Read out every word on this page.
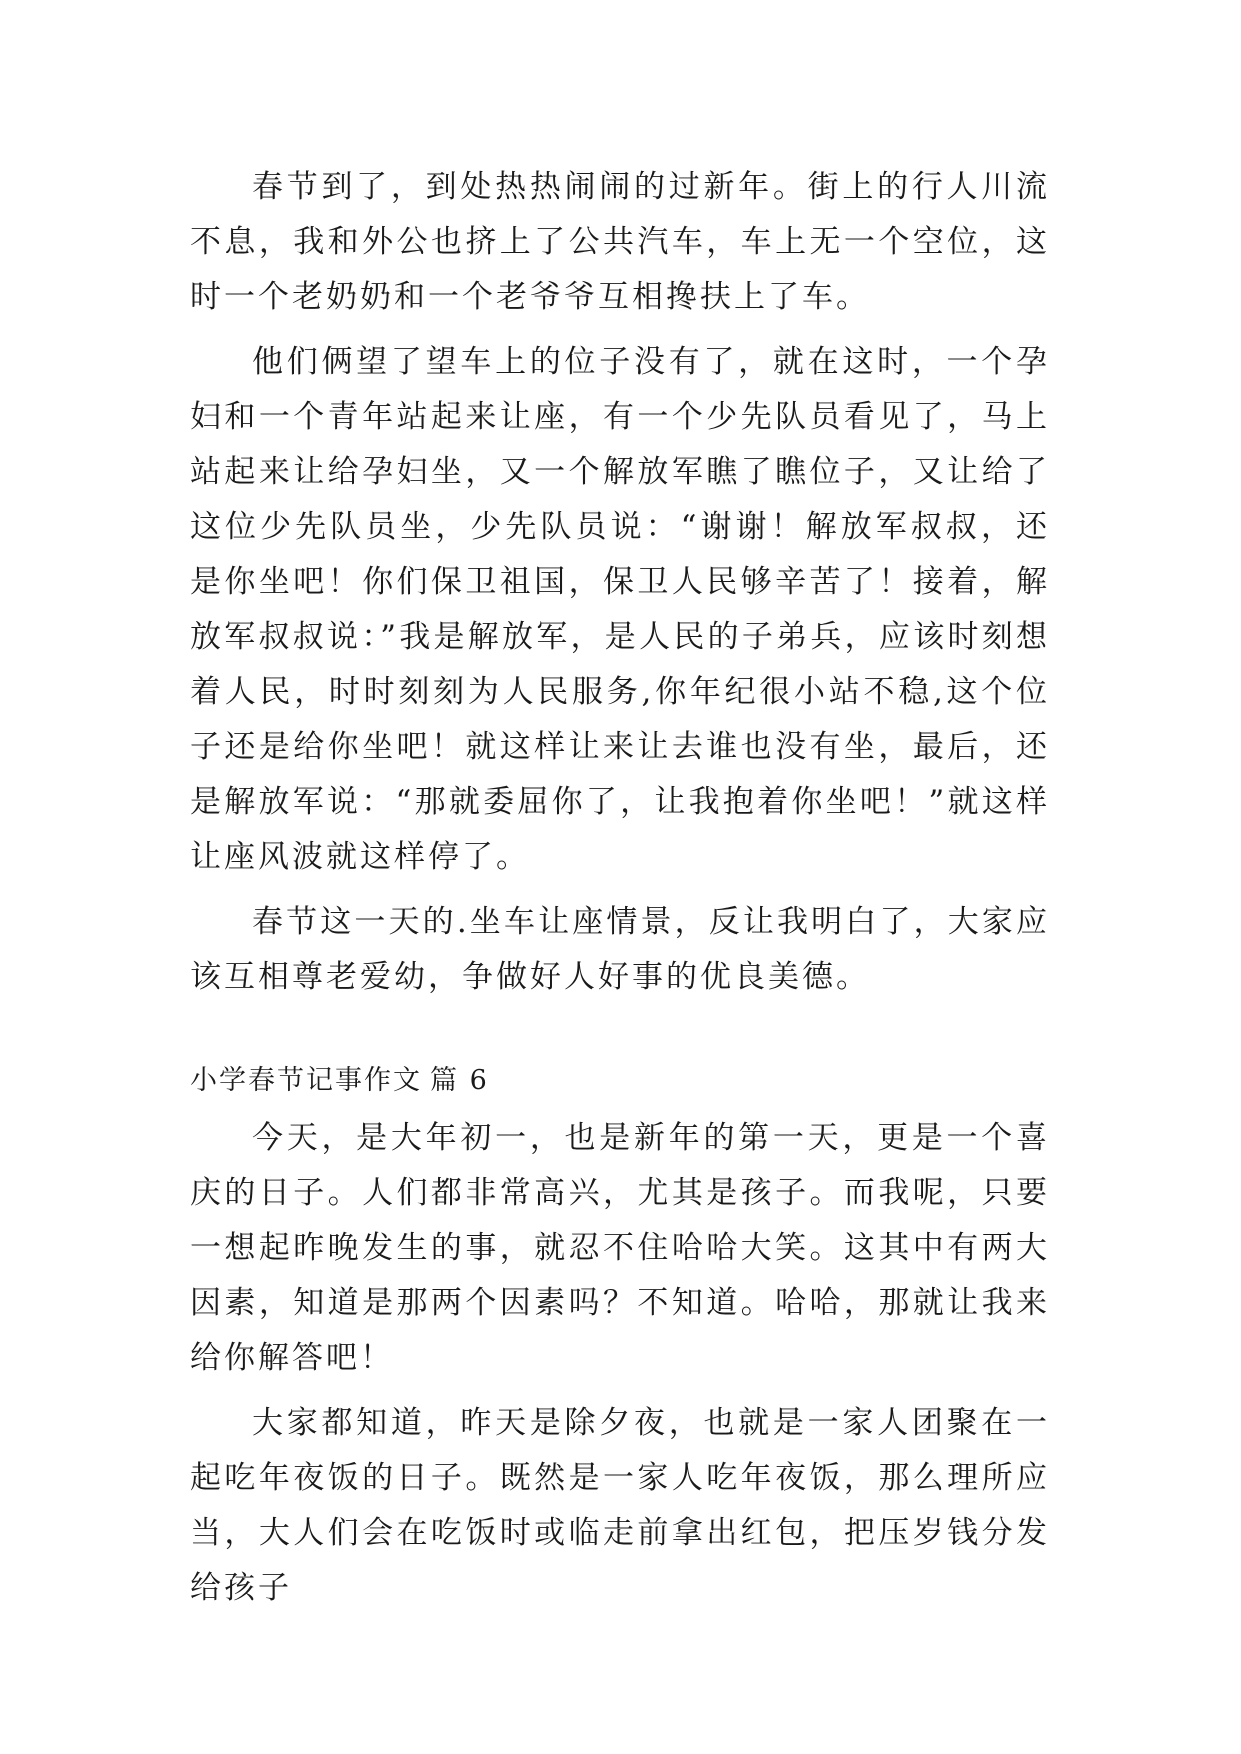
春节到了，到处热热闹闹的过新年。街上的行人川流不息，我和外公也挤上了公共汽车，车上无一个空位，这时一个老奶奶和一个老爷爷互相搀扶上了车。

他们俩望了望车上的位子没有了，就在这时，一个孕妇和一个青年站起来让座，有一个少先队员看见了，马上站起来让给孕妇坐，又一个解放军瞧了瞧位子，又让给了这位少先队员坐，少先队员说：“谢谢！解放军叔叔，还是你坐吧！你们保卫祖国，保卫人民够辛苦了！接着，解放军叔叔说：”我是解放军，是人民的子弟兵，应该时刻想着人民，时时刻刻为人民服务,你年纪很小站不稳,这个位子还是给你坐吧！就这样让来让去谁也没有坐，最后，还是解放军说：“那就委屈你了，让我抱着你坐吧！”就这样让座风波就这样停了。

春节这一天的.坐车让座情景，反让我明白了，大家应该互相尊老爱幼，争做好人好事的优良美德。

小学春节记事作文 篇 6

今天，是大年初一，也是新年的第一天，更是一个喜庆的日子。人们都非常高兴，尤其是孩子。而我呢，只要一想起昨晚发生的事，就忍不住哈哈大笑。这其中有两大因素，知道是那两个因素吗？不知道。哈哈，那就让我来给你解答吧！

大家都知道，昨天是除夕夜，也就是一家人团聚在一起吃年夜饭的日子。既然是一家人吃年夜饭，那么理所应当，大人们会在吃饭时或临走前拿出红包，把压岁钱分发给孩子
